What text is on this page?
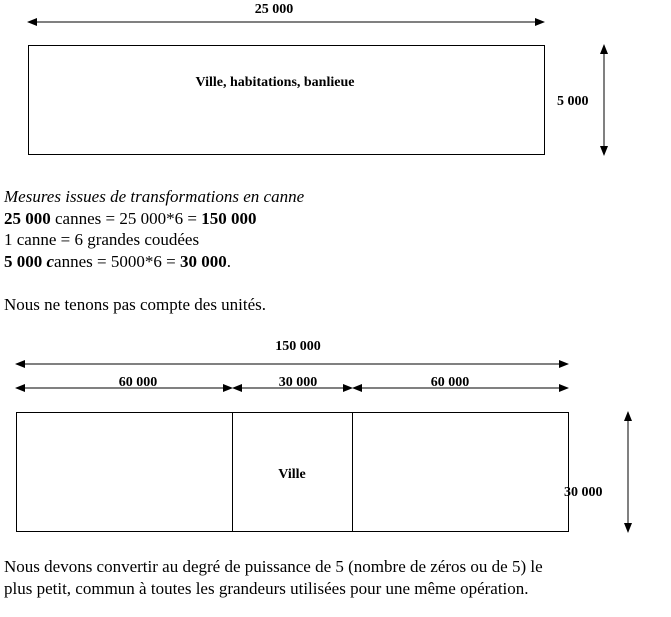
25 000
Ville, habitations, banlieue
5 000
150 000
60 000	30 000	60 000
Ville
30 000

Mesures issues de transformations en canne

25 000 cannes = 25 000*6 = 150 000

1 canne = 6 grandes coudées

5 000 cannes = 5000*6 = 30 000.

Nous ne tenons pas compte des unités.

Nous devons convertir au degré de puissance de 5 (nombre de zéros ou de 5) le

plus petit, commun à toutes les grandeurs utilisées pour une même opération.
